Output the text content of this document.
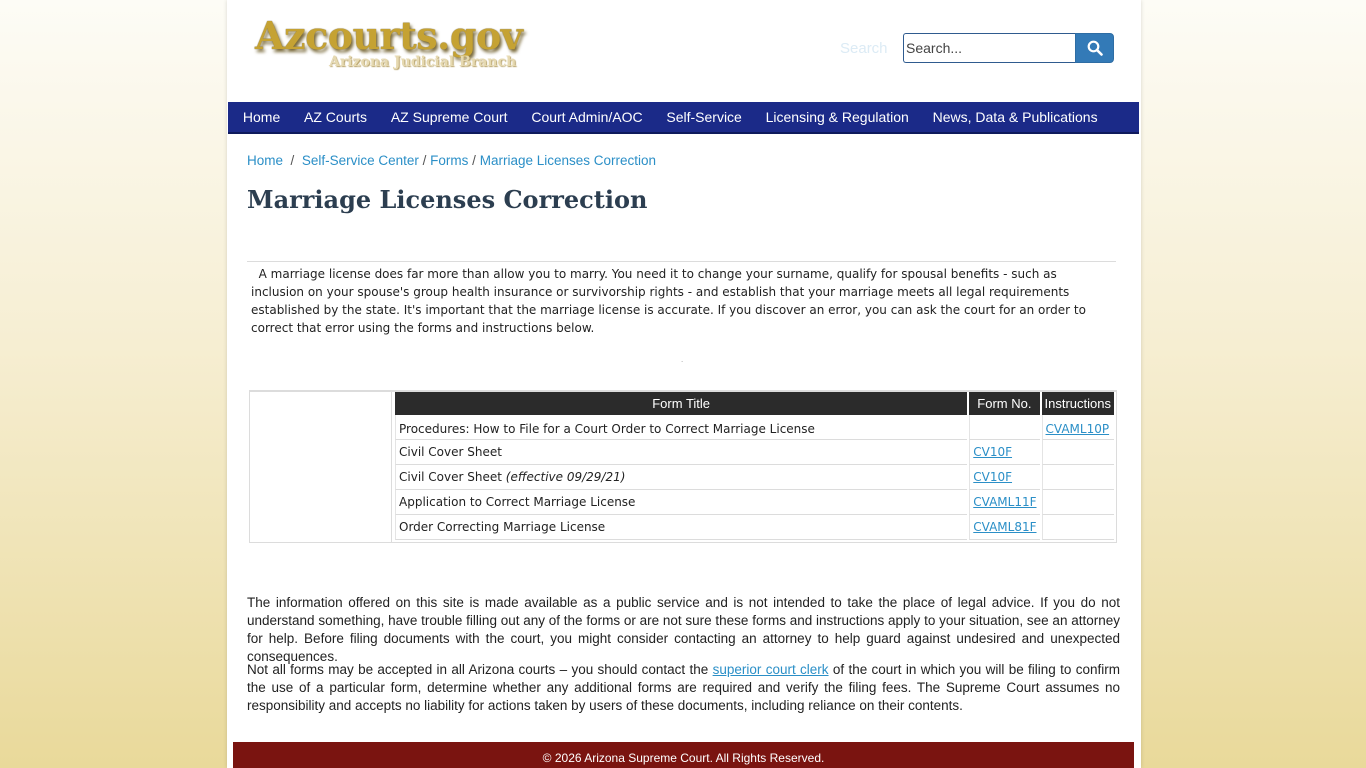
Azcourts.gov
Arizona Judicial Branch
Search
Search...
Home	AZ Courts	AZ Supreme Court	Court Admin/AOC	Self-Service	Licensing & Regulation	News, Data & Publications
Home / Self-Service Center / Forms / Marriage Licenses Correction
Marriage Licenses Correction

A marriage license does far more than allow you to marry. You need it to change your surname, qualify for spousal benefits - such as inclusion on your spouse's group health insurance or survivorship rights - and establish that your marriage meets all legal requirements established by the state. It's important that the marriage license is accurate. If you discover an error, you can ask the court for an order to correct that error using the forms and instructions below.

.
Form Title	Form No.	Instructions
Procedures: How to File for a Court Order to Correct Marriage License		CVAML10P
Civil Cover Sheet	CV10F	
Civil Cover Sheet (effective 09/29/21)	CV10F	
Application to Correct Marriage License	CVAML11F	
Order Correcting Marriage License	CVAML81F	

The information offered on this site is made available as a public service and is not intended to take the place of legal advice. If you do not understand something, have trouble filling out any of the forms or are not sure these forms and instructions apply to your situation, see an attorney for help. Before filing documents with the court, you might consider contacting an attorney to help guard against undesired and unexpected consequences.

Not all forms may be accepted in all Arizona courts – you should contact the superior court clerk of the court in which you will be filing to confirm the use of a particular form, determine whether any additional forms are required and verify the filing fees. The Supreme Court assumes no responsibility and accepts no liability for actions taken by users of these documents, including reliance on their contents.

© 2026 Arizona Supreme Court. All Rights Reserved.
